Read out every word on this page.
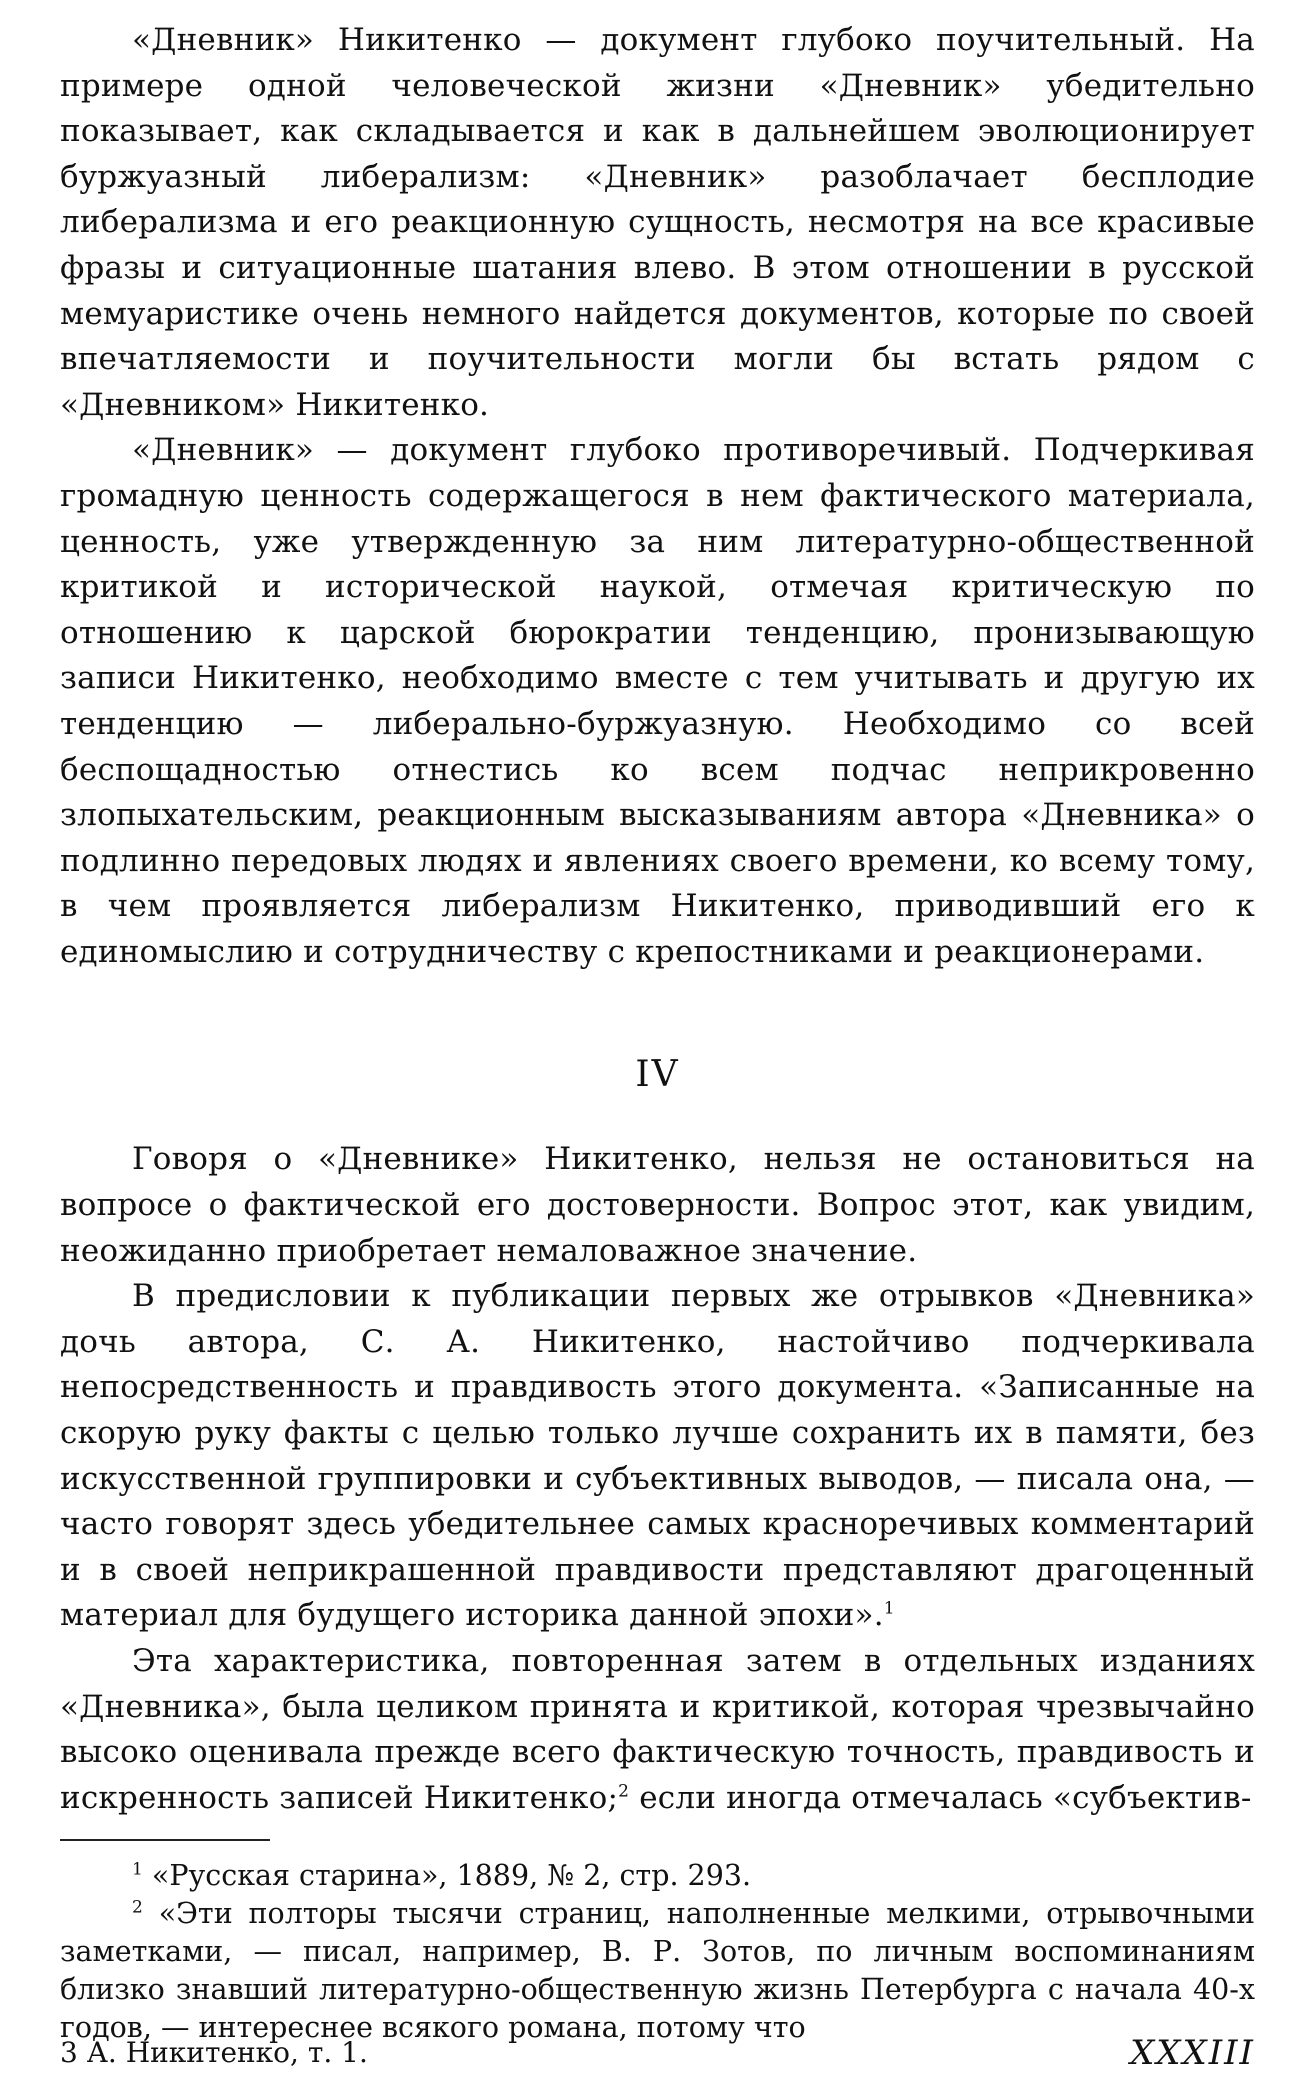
«Дневник» Никитенко — документ глубоко поучительный. На примере одной человеческой жизни «Дневник» убедительно показывает, как складывается и как в дальнейшем эволюционирует буржуазный либерализм: «Дневник» разоблачает бесплодие либерализма и его реакционную сущность, несмотря на все красивые фразы и ситуационные шатания влево. В этом отношении в русской мемуаристике очень немного найдется документов, которые по своей впечатляемости и поучительности могли бы встать рядом с «Дневником» Никитенко.

«Дневник» — документ глубоко противоречивый. Подчеркивая громадную ценность содержащегося в нем фактического материала, ценность, уже утвержденную за ним литературно-общественной критикой и исторической наукой, отмечая критическую по отношению к царской бюрократии тенденцию, пронизывающую записи Никитенко, необходимо вместе с тем учитывать и другую их тенденцию — либерально-буржуазную. Необходимо со всей беспощадностью отнестись ко всем подчас неприкровенно злопыхательским, реакционным высказываниям автора «Дневника» о подлинно передовых людях и явлениях своего времени, ко всему тому, в чем проявляется либерализм Никитенко, приводивший его к единомыслию и сотрудничеству с крепостниками и реакционерами.

IV

Говоря о «Дневнике» Никитенко, нельзя не остановиться на вопросе о фактической его достоверности. Вопрос этот, как увидим, неожиданно приобретает немаловажное значение.

В предисловии к публикации первых же отрывков «Дневника» дочь автора, С. А. Никитенко, настойчиво подчеркивала непосредственность и правдивость этого документа. «Записанные на скорую руку факты с целью только лучше сохранить их в памяти, без искусственной группировки и субъективных выводов, — писала она, — часто говорят здесь убедительнее самых красноречивых комментарий и в своей неприкрашенной правдивости представляют драгоценный материал для будущего историка данной эпохи».$^1$

Эта характеристика, повторенная затем в отдельных изданиях «Дневника», была целиком принята и критикой, которая чрезвычайно высоко оценивала прежде всего фактическую точность, правдивость и искренность записей Никитенко;$^2$ если иногда отмечалась «субъектив-

$^1$ «Русская старина», 1889, № 2, стр. 293.

$^2$ «Эти полторы тысячи страниц, наполненные мелкими, отрывочными заметками, — писал, например, В. Р. Зотов, по личным воспоминаниям близко знавший литературно-общественную жизнь Петербурга с начала 40-х годов, — интереснее всякого романа, потому что

3 А. Никитенко, т. 1.	XXXIII
